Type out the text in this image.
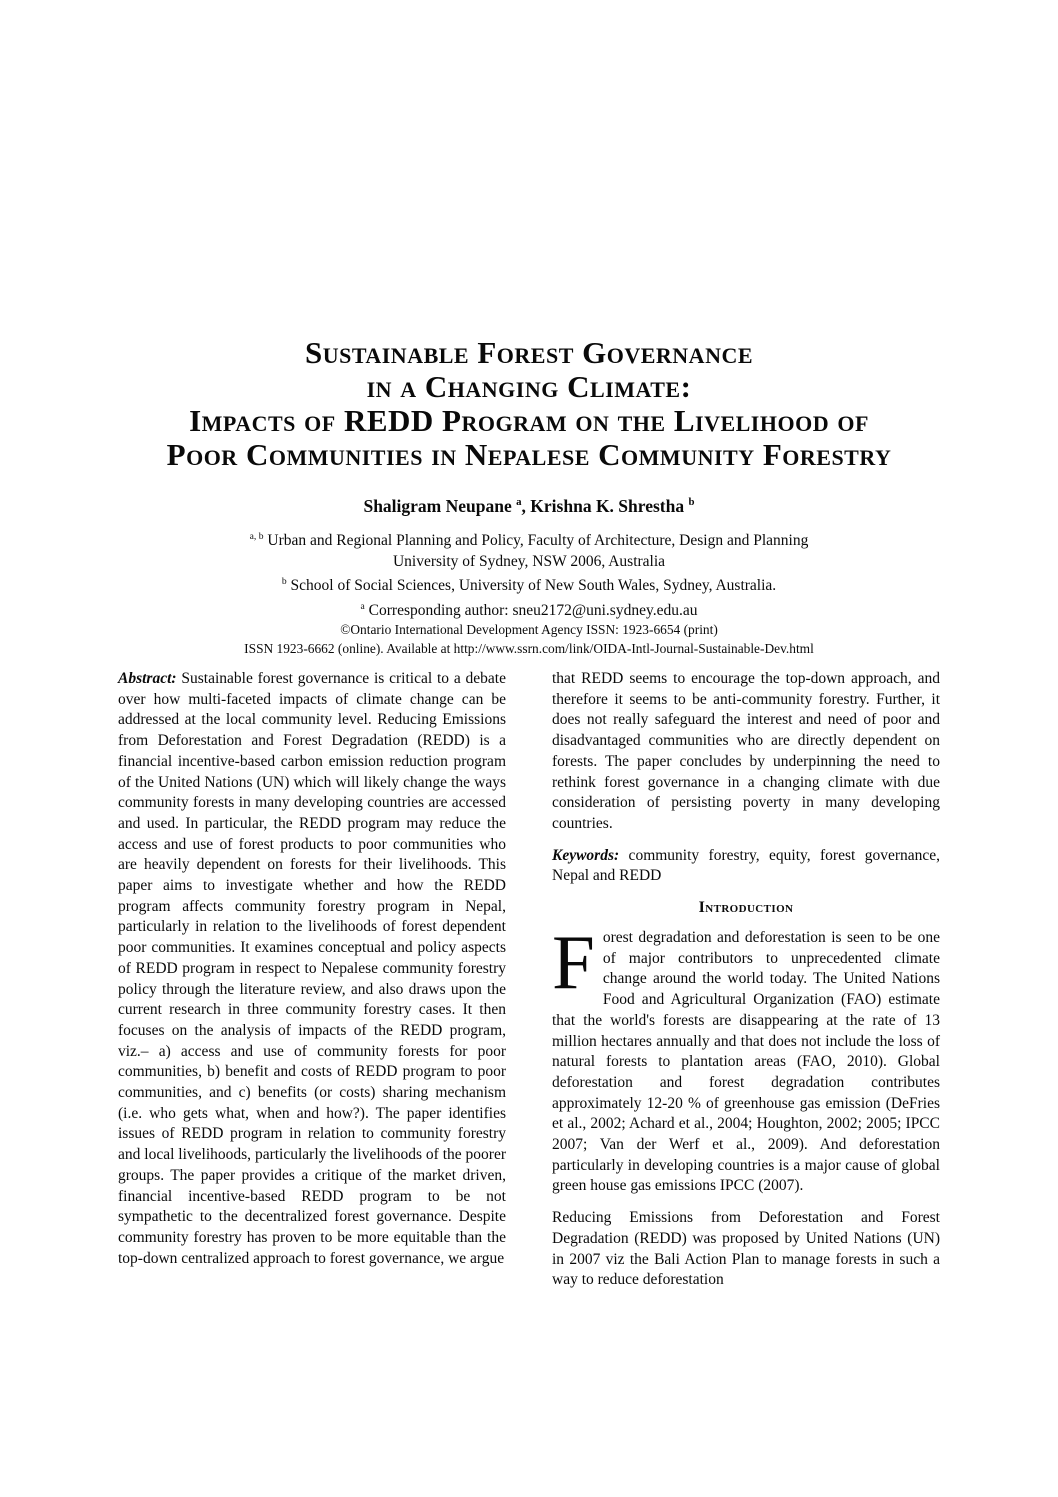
Sustainable Forest Governance
in a Changing Climate:
Impacts of REDD Program on the Livelihood of
Poor Communities in Nepalese Community Forestry
Shaligram Neupane $^a$, Krishna K. Shrestha $^b$
$^{a, b}$ Urban and Regional Planning and Policy, Faculty of Architecture, Design and Planning
University of Sydney, NSW 2006, Australia
$^b$ School of Social Sciences, University of New South Wales, Sydney, Australia.
$^a$ Corresponding author: sneu2172@uni.sydney.edu.au
©Ontario International Development Agency ISSN: 1923-6654 (print)
ISSN 1923-6662 (online). Available at http://www.ssrn.com/link/OIDA-Intl-Journal-Sustainable-Dev.html

Abstract: Sustainable forest governance is critical to a debate over how multi-faceted impacts of climate change can be addressed at the local community level. Reducing Emissions from Deforestation and Forest Degradation (REDD) is a financial incentive-based carbon emission reduction program of the United Nations (UN) which will likely change the ways community forests in many developing countries are accessed and used. In particular, the REDD program may reduce the access and use of forest products to poor communities who are heavily dependent on forests for their livelihoods. This paper aims to investigate whether and how the REDD program affects community forestry program in Nepal, particularly in relation to the livelihoods of forest dependent poor communities. It examines conceptual and policy aspects of REDD program in respect to Nepalese community forestry policy through the literature review, and also draws upon the current research in three community forestry cases. It then focuses on the analysis of impacts of the REDD program, viz.– a) access and use of community forests for poor communities, b) benefit and costs of REDD program to poor communities, and c) benefits (or costs) sharing mechanism (i.e. who gets what, when and how?). The paper identifies issues of REDD program in relation to community forestry and local livelihoods, particularly the livelihoods of the poorer groups. The paper provides a critique of the market driven, financial incentive-based REDD program to be not sympathetic to the decentralized forest governance. Despite community forestry has proven to be more equitable than the top-down centralized approach to forest governance, we argue

that REDD seems to encourage the top-down approach, and therefore it seems to be anti-community forestry. Further, it does not really safeguard the interest and need of poor and disadvantaged communities who are directly dependent on forests. The paper concludes by underpinning the need to rethink forest governance in a changing climate with due consideration of persisting poverty in many developing countries.

Keywords: community forestry, equity, forest governance, Nepal and REDD

Introduction

Forest degradation and deforestation is seen to be one of major contributors to unprecedented climate change around the world today. The United Nations Food and Agricultural Organization (FAO) estimate that the world's forests are disappearing at the rate of 13 million hectares annually and that does not include the loss of natural forests to plantation areas (FAO, 2010). Global deforestation and forest degradation contributes approximately 12-20 % of greenhouse gas emission (DeFries et al., 2002; Achard et al., 2004; Houghton, 2002; 2005; IPCC 2007; Van der Werf et al., 2009). And deforestation particularly in developing countries is a major cause of global green house gas emissions IPCC (2007).

Reducing Emissions from Deforestation and Forest Degradation (REDD) was proposed by United Nations (UN) in 2007 viz the Bali Action Plan to manage forests in such a way to reduce deforestation
